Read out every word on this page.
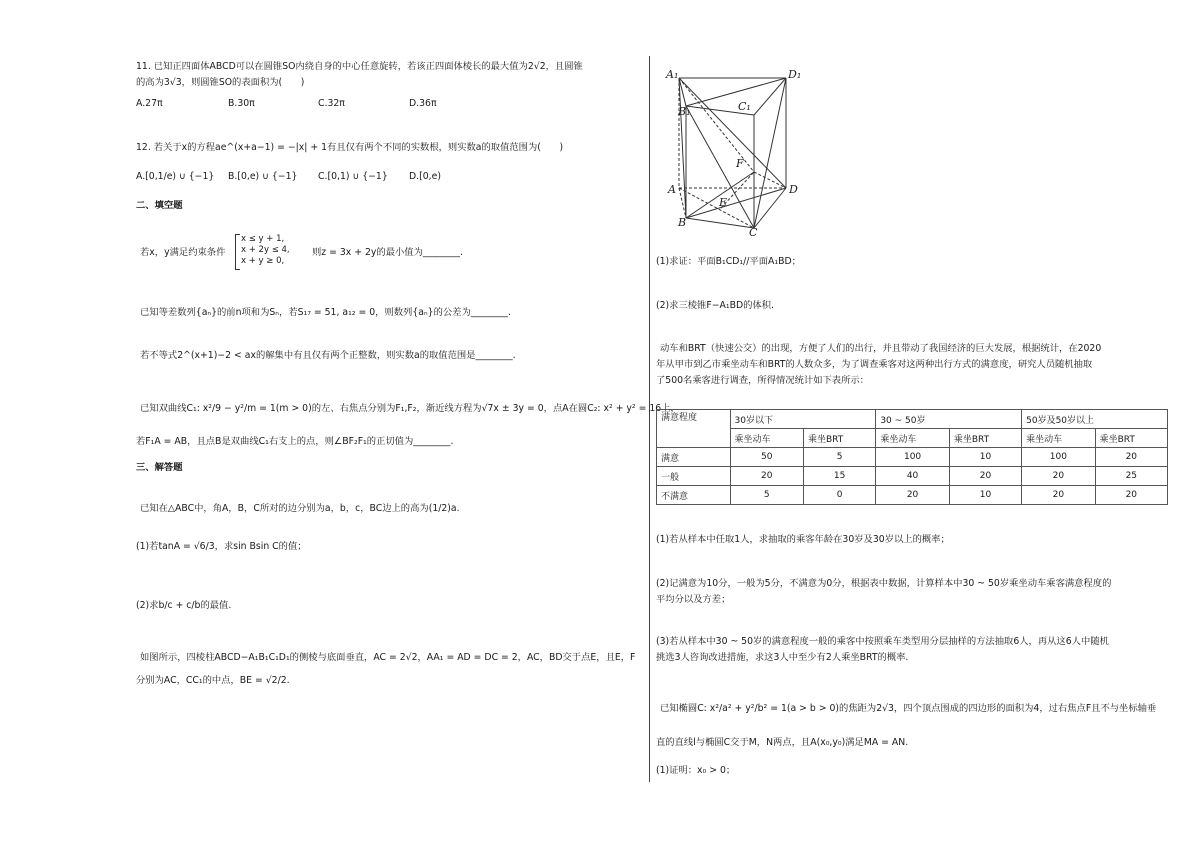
11. 已知正四面体ABCD可以在圆锥SO内绕自身的中心任意旋转，若该正四面体棱长的最大值为2√2，且圆锥
的高为3√3，则圆锥SO的表面积为(　　)
A.27π	B.30π	C.32π	D.36π
12. 若关于x的方程ae^(x+a−1) = −|x| + 1有且仅有两个不同的实数根，则实数a的取值范围为(　　)
A.[0,1/e) ∪ {−1} B.[0,e) ∪ {−1} C.[0,1) ∪ {−1} D.[0,e)
二、填空题
若x，y满足约束条件
x ≤ y + 1,
x + 2y ≤ 4,
x + y ≥ 0,
则z = 3x + 2y的最小值为________.
已知等差数列{aₙ}的前n项和为Sₙ，若S₁₇ = 51, a₁₂ = 0，则数列{aₙ}的公差为________.
若不等式2^(x+1)−2 < ax的解集中有且仅有两个正整数，则实数a的取值范围是________.
已知双曲线C₁: x²/9 − y²/m = 1(m > 0)的左、右焦点分别为F₁,F₂，渐近线方程为√7x ± 3y = 0，点A在圆C₂: x² + y² = 16上，
若F₁A = AB，且点B是双曲线C₁右支上的点，则∠BF₂F₁的正切值为________.
三、解答题
已知在△ABC中，角A，B，C所对的边分别为a，b，c，BC边上的高为(1/2)a.
(1)若tanA = √6/3，求sin Bsin C的值；
(2)求b/c + c/b的最值.
如图所示，四棱柱ABCD−A₁B₁C₁D₁的侧棱与底面垂直，AC = 2√2，AA₁ = AD = DC = 2，AC，BD交于点E，且E，F
分别为AC，CC₁的中点，BE = √2/2.
A₁	D₁
B₁	C₁
F
A	D
E
B
C
(1)求证：平面B₁CD₁//平面A₁BD；
(2)求三棱锥F−A₁BD的体积.
动车和BRT（快速公交）的出现，方便了人们的出行，并且带动了我国经济的巨大发展，根据统计，在2020
年从甲市到乙市乘坐动车和BRT的人数众多，为了调查乘客对这两种出行方式的满意度，研究人员随机抽取
了500名乘客进行调查，所得情况统计如下表所示：
满意程度	30岁以下		30 ~ 50岁		50岁及50岁以上	
	乘坐动车	乘坐BRT	乘坐动车	乘坐BRT	乘坐动车	乘坐BRT
满意	50	5	100	10	100	20
一般	20	15	40	20	20	25
不满意	5	0	20	10	20	20
(1)若从样本中任取1人，求抽取的乘客年龄在30岁及30岁以上的概率；
(2)记满意为10分，一般为5分，不满意为0分，根据表中数据，计算样本中30 ~ 50岁乘坐动车乘客满意程度的
平均分以及方差；
(3)若从样本中30 ~ 50岁的满意程度一般的乘客中按照乘车类型用分层抽样的方法抽取6人，再从这6人中随机
挑选3人咨询改进措施，求这3人中至少有2人乘坐BRT的概率.
已知椭圆C: x²/a² + y²/b² = 1(a > b > 0)的焦距为2√3，四个顶点围成的四边形的面积为4，过右焦点F且不与坐标轴垂
直的直线l与椭圆C交于M，N两点，且A(x₀,y₀)满足MA = AN.
(1)证明：x₀ > 0；
